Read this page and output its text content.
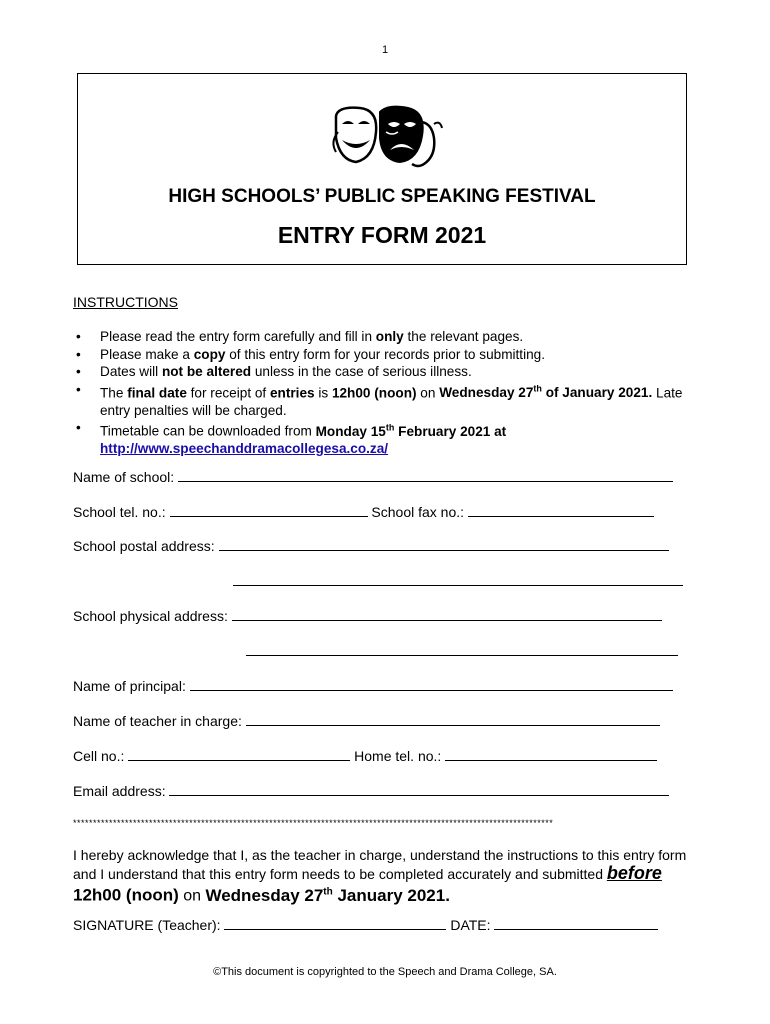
1
HIGH SCHOOLS’ PUBLIC SPEAKING FESTIVAL
ENTRY FORM 2021
INSTRUCTIONS
• Please read the entry form carefully and fill in only the relevant pages.
• Please make a copy of this entry form for your records prior to submitting.
• Dates will not be altered unless in the case of serious illness.
• The final date for receipt of entries is 12h00 (noon) on Wednesday 27th of January 2021. Late entry penalties will be charged.
• Timetable can be downloaded from Monday 15th February 2021 at
http://www.speechanddramacollegesa.co.za/
Name of school:
School tel. no.:	School fax no.:
School postal address:
School physical address:
Name of principal:
Name of teacher in charge:
Cell no.:	Home tel. no.:
Email address:
************************************************************************************************************************
I hereby acknowledge that I, as the teacher in charge, understand the instructions to this entry form and I understand that this entry form needs to be completed accurately and submitted before 12h00 (noon) on Wednesday 27th January 2021.
SIGNATURE (Teacher):	DATE:
©This document is copyrighted to the Speech and Drama College, SA.
